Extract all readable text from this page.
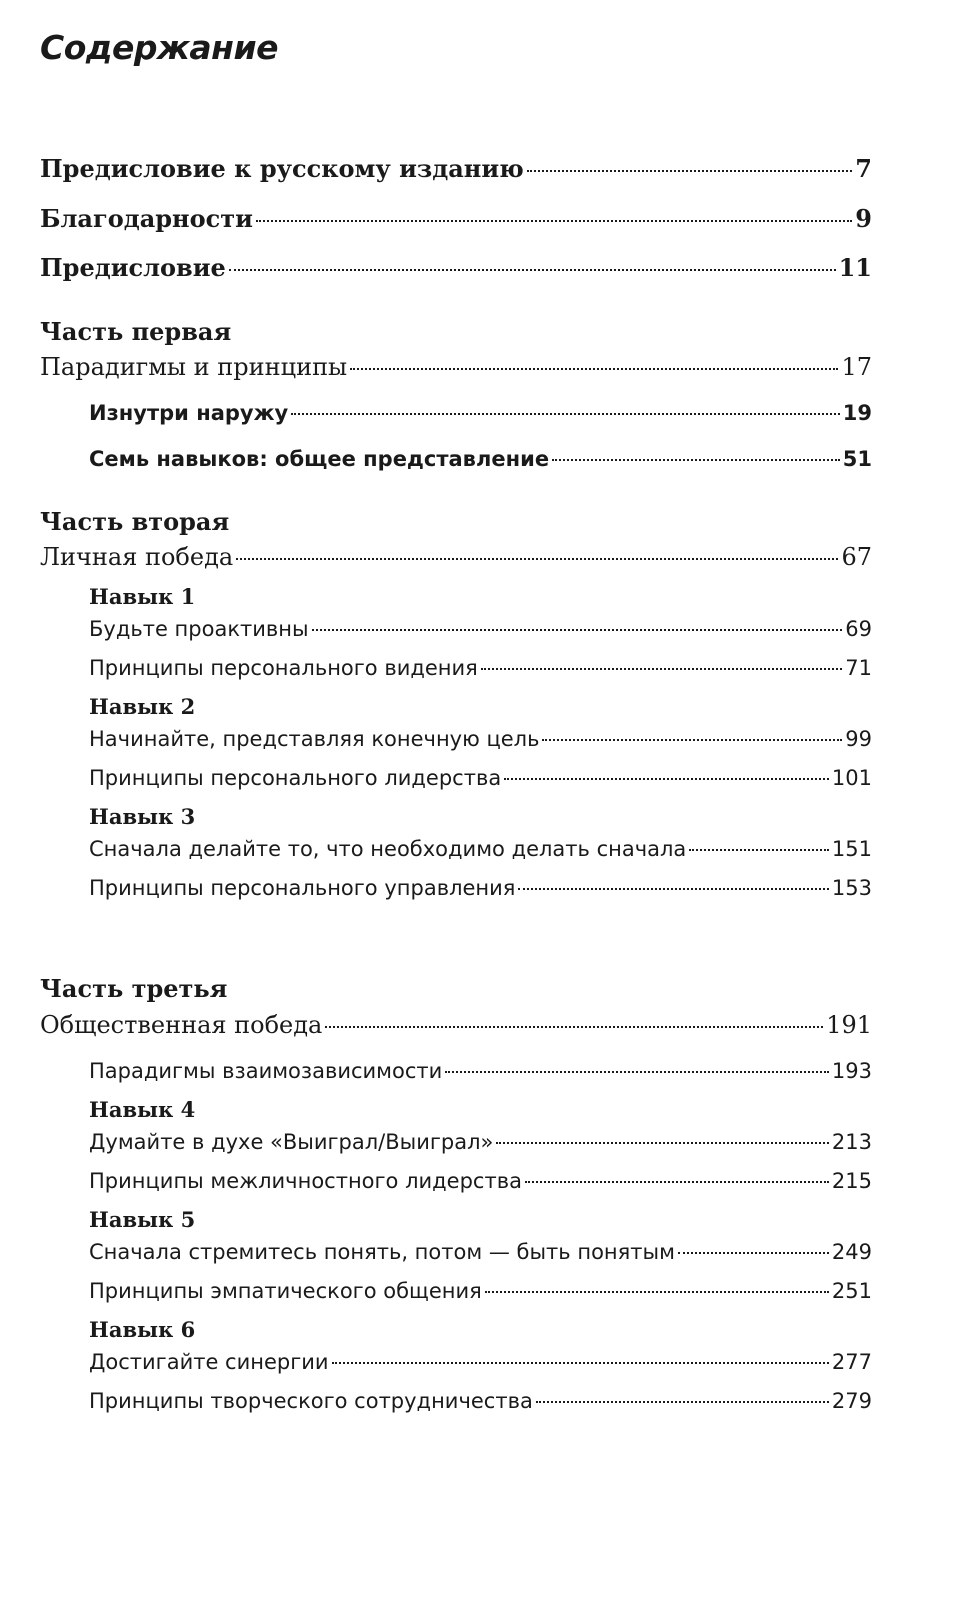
Содержание
Предисловие к русскому изданию	7
Благодарности	9
Предисловие	11
Часть первая
Парадигмы и принципы	17
Изнутри наружу	19
Семь навыков: общее представление	51
Часть вторая
Личная победа	67
Навык 1
Будьте проактивны	69
Принципы персонального видения	71
Навык 2
Начинайте, представляя конечную цель	99
Принципы персонального лидерства	101
Навык 3
Сначала делайте то, что необходимо делать сначала	151
Принципы персонального управления	153
Часть третья
Общественная победа	191
Парадигмы взаимозависимости	193
Навык 4
Думайте в духе «Выиграл/Выиграл»	213
Принципы межличностного лидерства	215
Навык 5
Сначала стремитесь понять, потом — быть понятым	249
Принципы эмпатического общения	251
Навык 6
Достигайте синергии	277
Принципы творческого сотрудничества	279
